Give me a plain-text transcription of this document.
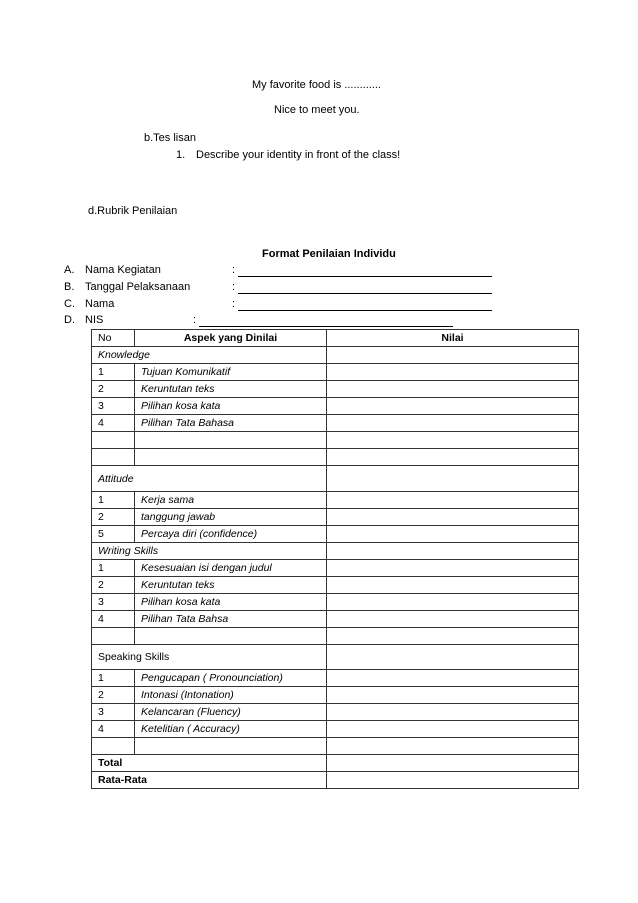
My favorite food is ............
Nice to meet you.
b.Tes lisan
1. Describe your identity in front of the class!
d.Rubrik Penilaian
Format Penilaian Individu
A. Nama Kegiatan	:
B. Tanggal Pelaksanaan	:
C. Nama	:
D. NIS	:
No	Aspek yang Dinilai	Nilai
Knowledge		
1	Tujuan Komunikatif	
2	Keruntutan teks	
3	Pilihan kosa kata	
4	Pilihan Tata Bahasa	

Attitude		
1	Kerja sama	
2	tanggung jawab	
5	Percaya diri (confidence)	
Writing Skills		
1	Kesesuaian isi dengan judul	
2	Keruntutan teks	
3	Pilihan kosa kata	
4	Pilihan Tata Bahsa	

Speaking Skills		
1	Pengucapan ( Pronounciation)	
2	Intonasi (Intonation)	
3	Kelancaran (Fluency)	
4	Ketelitian ( Accuracy)	

Total		
Rata-Rata		
